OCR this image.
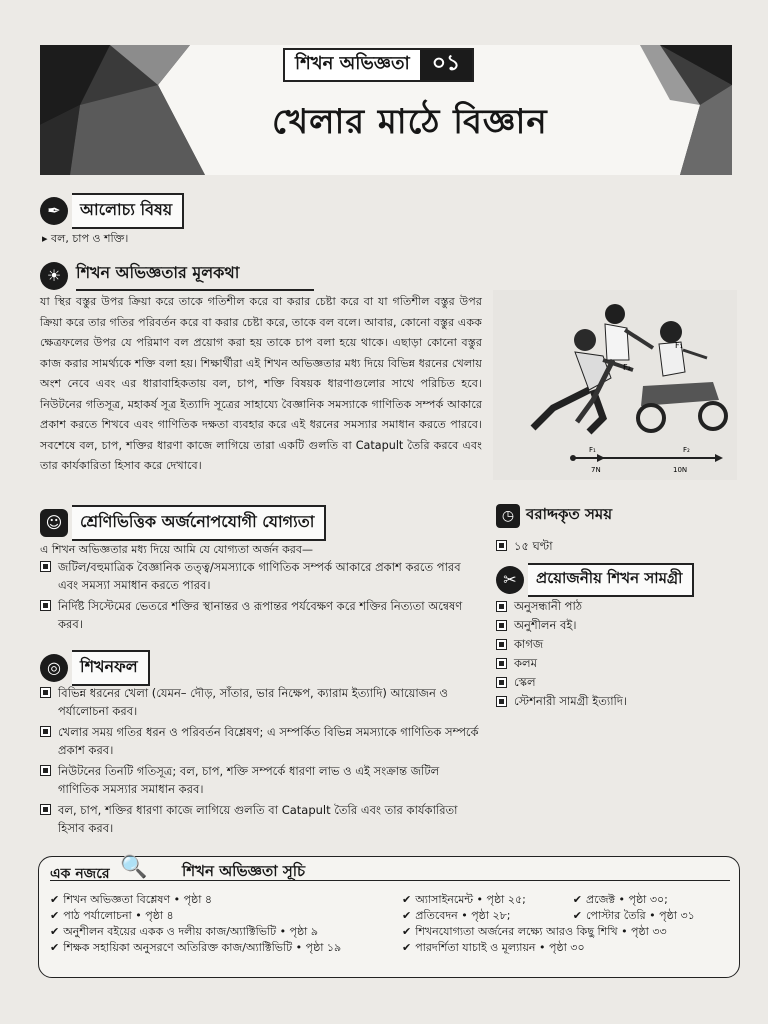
শিখন অভিজ্ঞতা	০১
খেলার মাঠে বিজ্ঞান
✒	আলোচ্য বিষয়
▸ বল, চাপ ও শক্তি।
☀ শিখন অভিজ্ঞতার মূলকথা
যা স্থির বস্তুর উপর ক্রিয়া করে তাকে গতিশীল করে বা করার চেষ্টা করে বা যা গতিশীল বস্তুর উপর ক্রিয়া করে তার গতির পরিবর্তন করে বা করার চেষ্টা করে, তাকে বল বলে। আবার, কোনো বস্তুর একক ক্ষেত্রফলের উপর যে পরিমাণ বল প্রয়োগ করা হয় তাকে চাপ বলা হয়ে থাকে। এছাড়া কোনো বস্তুর কাজ করার সামর্থ্যকে শক্তি বলা হয়। শিক্ষার্থীরা এই শিখন অভিজ্ঞতার মধ্য দিয়ে বিভিন্ন ধরনের খেলায় অংশ নেবে এবং এর ধারাবাহিকতায় বল, চাপ, শক্তি বিষয়ক ধারণাগুলোর সাথে পরিচিত হবে। নিউটনের গতিসূত্র, মহাকর্ষ সূত্র ইত্যাদি সূত্রের সাহায্যে বৈজ্ঞানিক সমস্যাকে গাণিতিক সম্পর্ক আকারে প্রকাশ করতে শিখবে এবং গাণিতিক দক্ষতা ব্যবহার করে এই ধরনের সমস্যার সমাধান করতে পারবে। সবশেষে বল, চাপ, শক্তির ধারণা কাজে লাগিয়ে তারা একটি গুলতি বা Catapult তৈরি করবে এবং তার কার্যকারিতা হিসাব করে দেখাবে।
F₁
F₂
F₁	F₂
7N	10N
☺	শ্রেণিভিত্তিক অর্জনোপযোগী যোগ্যতা
এ শিখন অভিজ্ঞতার মধ্য দিয়ে আমি যে যোগ্যতা অর্জন করব—
জটিল/বহুমাত্রিক বৈজ্ঞানিক তত্ত্ব/সমস্যাকে গাণিতিক সম্পর্ক আকারে প্রকাশ করতে পারব এবং সমস্যা সমাধান করতে পারব।
নির্দিষ্ট সিস্টেমের ভেতরে শক্তির স্থানান্তর ও রূপান্তর পর্যবেক্ষণ করে শক্তির নিত্যতা অন্বেষণ করব।
◎	শিখনফল
বিভিন্ন ধরনের খেলা (যেমন– দৌড়, সাঁতার, ভার নিক্ষেপ, ক্যারাম ইত্যাদি) আয়োজন ও পর্যালোচনা করব।
খেলার সময় গতির ধরন ও পরিবর্তন বিশ্লেষণ; এ সম্পর্কিত বিভিন্ন সমস্যাকে গাণিতিক সম্পর্কে প্রকাশ করব।
নিউটনের তিনটি গতিসূত্র; বল, চাপ, শক্তি সম্পর্কে ধারণা লাভ ও এই সংক্রান্ত জটিল গাণিতিক সমস্যার সমাধান করব।
বল, চাপ, শক্তির ধারণা কাজে লাগিয়ে গুলতি বা Catapult তৈরি এবং তার কার্যকারিতা হিসাব করব।
◷ বরাদ্দকৃত সময়
১৫ ঘণ্টা
✂	প্রয়োজনীয় শিখন সামগ্রী
অনুসন্ধানী পাঠ
অনুশীলন বই।
কাগজ
কলম
স্কেল
স্টেশনারী সামগ্রী ইত্যাদি।
এক নজরে 🔍 শিখন অভিজ্ঞতা সূচি
✔ শিখন অভিজ্ঞতা বিশ্লেষণ • পৃষ্ঠা ৪
✔ পাঠ পর্যালোচনা • পৃষ্ঠা ৪
✔ অনুশীলন বইয়ের একক ও দলীয় কাজ/অ্যাক্টিভিটি • পৃষ্ঠা ৯
✔ শিক্ষক সহায়িকা অনুসরণে অতিরিক্ত কাজ/অ্যাক্টিভিটি • পৃষ্ঠা ১৯
✔ অ্যাসাইনমেন্ট • পৃষ্ঠা ২৫;	✔ প্রজেক্ট • পৃষ্ঠা ৩০;
✔ প্রতিবেদন • পৃষ্ঠা ২৮;	✔ পোস্টার তৈরি • পৃষ্ঠা ৩১
✔ শিখনযোগ্যতা অর্জনের লক্ষ্যে আরও কিছু শিখি • পৃষ্ঠা ৩৩
✔ পারদর্শিতা যাচাই ও মূল্যায়ন • পৃষ্ঠা ৩০
